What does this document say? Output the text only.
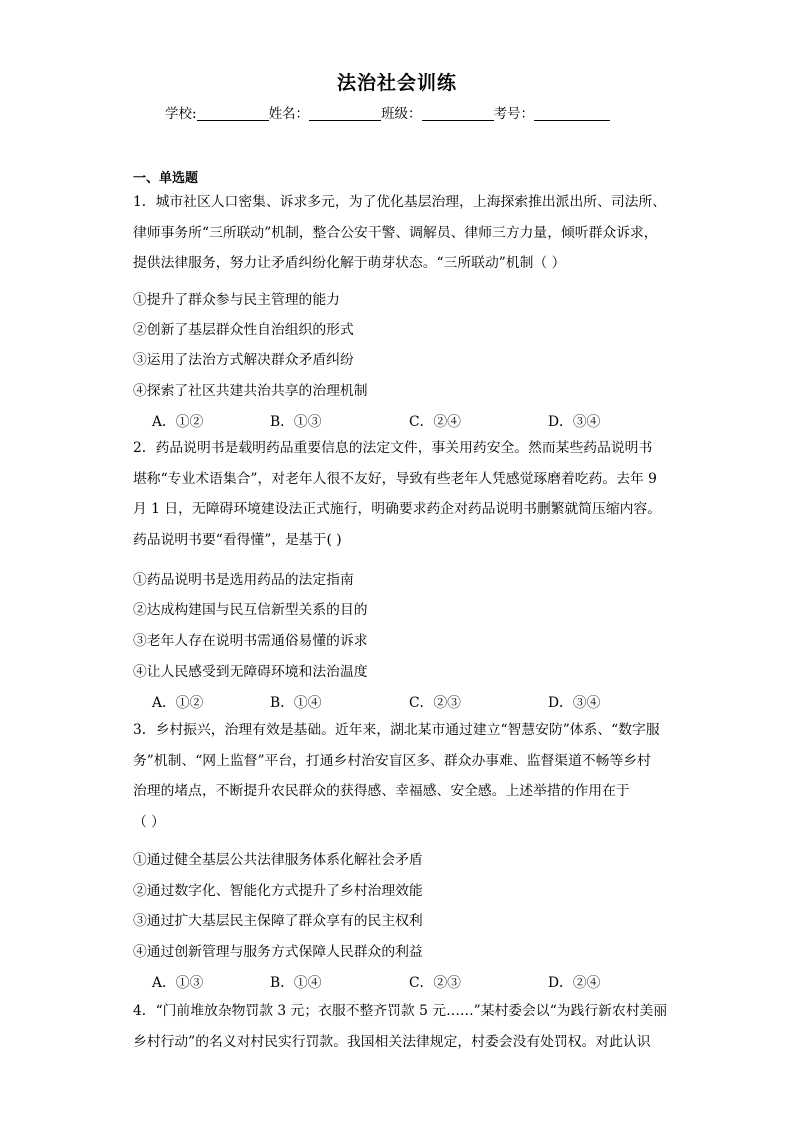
法治社会训练
学校:	姓名：	班级：	考号：
一、单选题

1．城市社区人口密集、诉求多元，为了优化基层治理，上海探索推出派出所、司法所、

律师事务所“三所联动”机制，整合公安干警、调解员、律师三方力量，倾听群众诉求，

提供法律服务，努力让矛盾纠纷化解于萌芽状态。“三所联动”机制（ ）

①提升了群众参与民主管理的能力
②创新了基层群众性自治组织的形式
③运用了法治方式解决群众矛盾纠纷
④探索了社区共建共治共享的治理机制
A．①②	B．①③	C．②④	D．③④

2．药品说明书是载明药品重要信息的法定文件，事关用药安全。然而某些药品说明书

堪称“专业术语集合”，对老年人很不友好，导致有些老年人凭感觉琢磨着吃药。去年 9

月 1 日，无障碍环境建设法正式施行，明确要求药企对药品说明书删繁就简压缩内容。

药品说明书要“看得懂”，是基于( )

①药品说明书是选用药品的法定指南
②达成构建国与民互信新型关系的目的
③老年人存在说明书需通俗易懂的诉求
④让人民感受到无障碍环境和法治温度
A．①②	B．①④	C．②③	D．③④

3．乡村振兴，治理有效是基础。近年来，湖北某市通过建立“智慧安防”体系、“数字服

务”机制、“网上监督”平台，打通乡村治安盲区多、群众办事难、监督渠道不畅等乡村

治理的堵点，不断提升农民群众的获得感、幸福感、安全感。上述举措的作用在于

（ ）

①通过健全基层公共法律服务体系化解社会矛盾
②通过数字化、智能化方式提升了乡村治理效能
③通过扩大基层民主保障了群众享有的民主权利
④通过创新管理与服务方式保障人民群众的利益
A．①③	B．①④	C．②③	D．②④

4．“门前堆放杂物罚款 3 元；衣服不整齐罚款 5 元……”某村委会以“为践行新农村美丽

乡村行动”的名义对村民实行罚款。我国相关法律规定，村委会没有处罚权。对此认识
